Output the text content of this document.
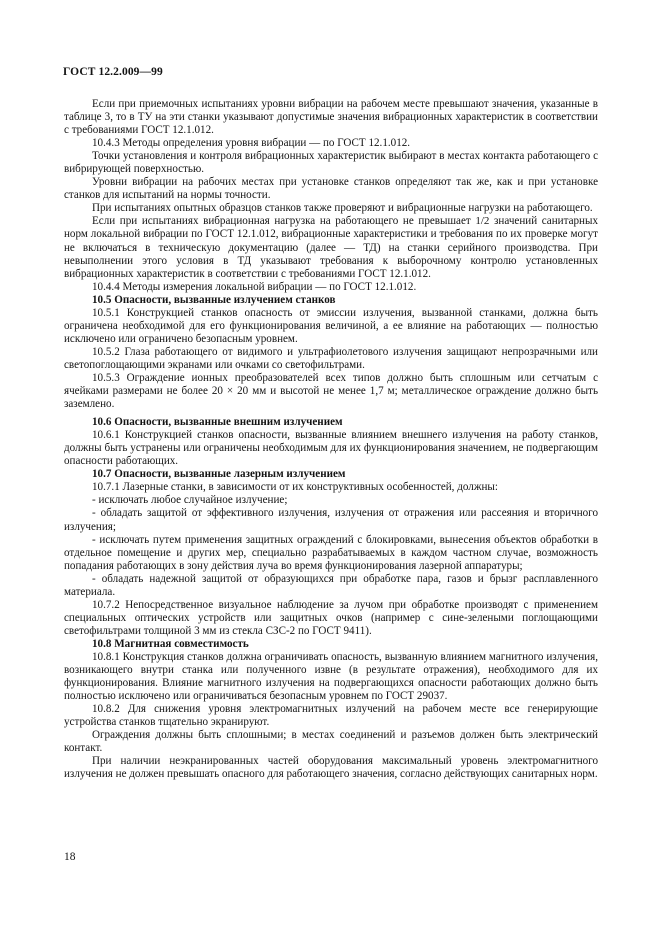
ГОСТ 12.2.009—99

Если при приемочных испытаниях уровни вибрации на рабочем месте превышают значения, указанные в таблице 3, то в ТУ на эти станки указывают допустимые значения вибрационных характеристик в соответствии с требованиями ГОСТ 12.1.012.

10.4.3 Методы определения уровня вибрации — по ГОСТ 12.1.012.

Точки установления и контроля вибрационных характеристик выбирают в местах контакта работающего с вибрирующей поверхностью.

Уровни вибрации на рабочих местах при установке станков определяют так же, как и при установке станков для испытаний на нормы точности.

При испытаниях опытных образцов станков также проверяют и вибрационные нагрузки на работающего.

Если при испытаниях вибрационная нагрузка на работающего не превышает 1/2 значений санитарных норм локальной вибрации по ГОСТ 12.1.012, вибрационные характеристики и требования по их проверке могут не включаться в техническую документацию (далее — ТД) на станки серийного производства. При невыполнении этого условия в ТД указывают требования к выборочному контролю установленных вибрационных характеристик в соответствии с требованиями ГОСТ 12.1.012.

10.4.4 Методы измерения локальной вибрации — по ГОСТ 12.1.012.

10.5 Опасности, вызванные излучением станков

10.5.1 Конструкцией станков опасность от эмиссии излучения, вызванной станками, должна быть ограничена необходимой для его функционирования величиной, а ее влияние на работающих — полностью исключено или ограничено безопасным уровнем.

10.5.2 Глаза работающего от видимого и ультрафиолетового излучения защищают непрозрачными или светопоглощающими экранами или очками со светофильтрами.

10.5.3 Ограждение ионных преобразователей всех типов должно быть сплошным или сетчатым с ячейками размерами не более 20 × 20 мм и высотой не менее 1,7 м; металлическое ограждение должно быть заземлено.

10.6 Опасности, вызванные внешним излучением

10.6.1 Конструкцией станков опасности, вызванные влиянием внешнего излучения на работу станков, должны быть устранены или ограничены необходимым для их функционирования значением, не подвергающим опасности работающих.

10.7 Опасности, вызванные лазерным излучением

10.7.1 Лазерные станки, в зависимости от их конструктивных особенностей, должны:

- исключать любое случайное излучение;

- обладать защитой от эффективного излучения, излучения от отражения или рассеяния и вторичного излучения;

- исключать путем применения защитных ограждений с блокировками, вынесения объектов обработки в отдельное помещение и других мер, специально разрабатываемых в каждом частном случае, возможность попадания работающих в зону действия луча во время функционирования лазерной аппаратуры;

- обладать надежной защитой от образующихся при обработке пара, газов и брызг расплавленного материала.

10.7.2 Непосредственное визуальное наблюдение за лучом при обработке производят с применением специальных оптических устройств или защитных очков (например с сине-зелеными поглощающими светофильтрами толщиной 3 мм из стекла СЗС-2 по ГОСТ 9411).

10.8 Магнитная совместимость

10.8.1 Конструкция станков должна ограничивать опасность, вызванную влиянием магнитного излучения, возникающего внутри станка или полученного извне (в результате отражения), необходимого для их функционирования. Влияние магнитного излучения на подвергающихся опасности работающих должно быть полностью исключено или ограничиваться безопасным уровнем по ГОСТ 29037.

10.8.2 Для снижения уровня электромагнитных излучений на рабочем месте все генерирующие устройства станков тщательно экранируют.

Ограждения должны быть сплошными; в местах соединений и разъемов должен быть электрический контакт.

При наличии неэкранированных частей оборудования максимальный уровень электромагнитного излучения не должен превышать опасного для работающего значения, согласно действующих санитарных норм.

18
